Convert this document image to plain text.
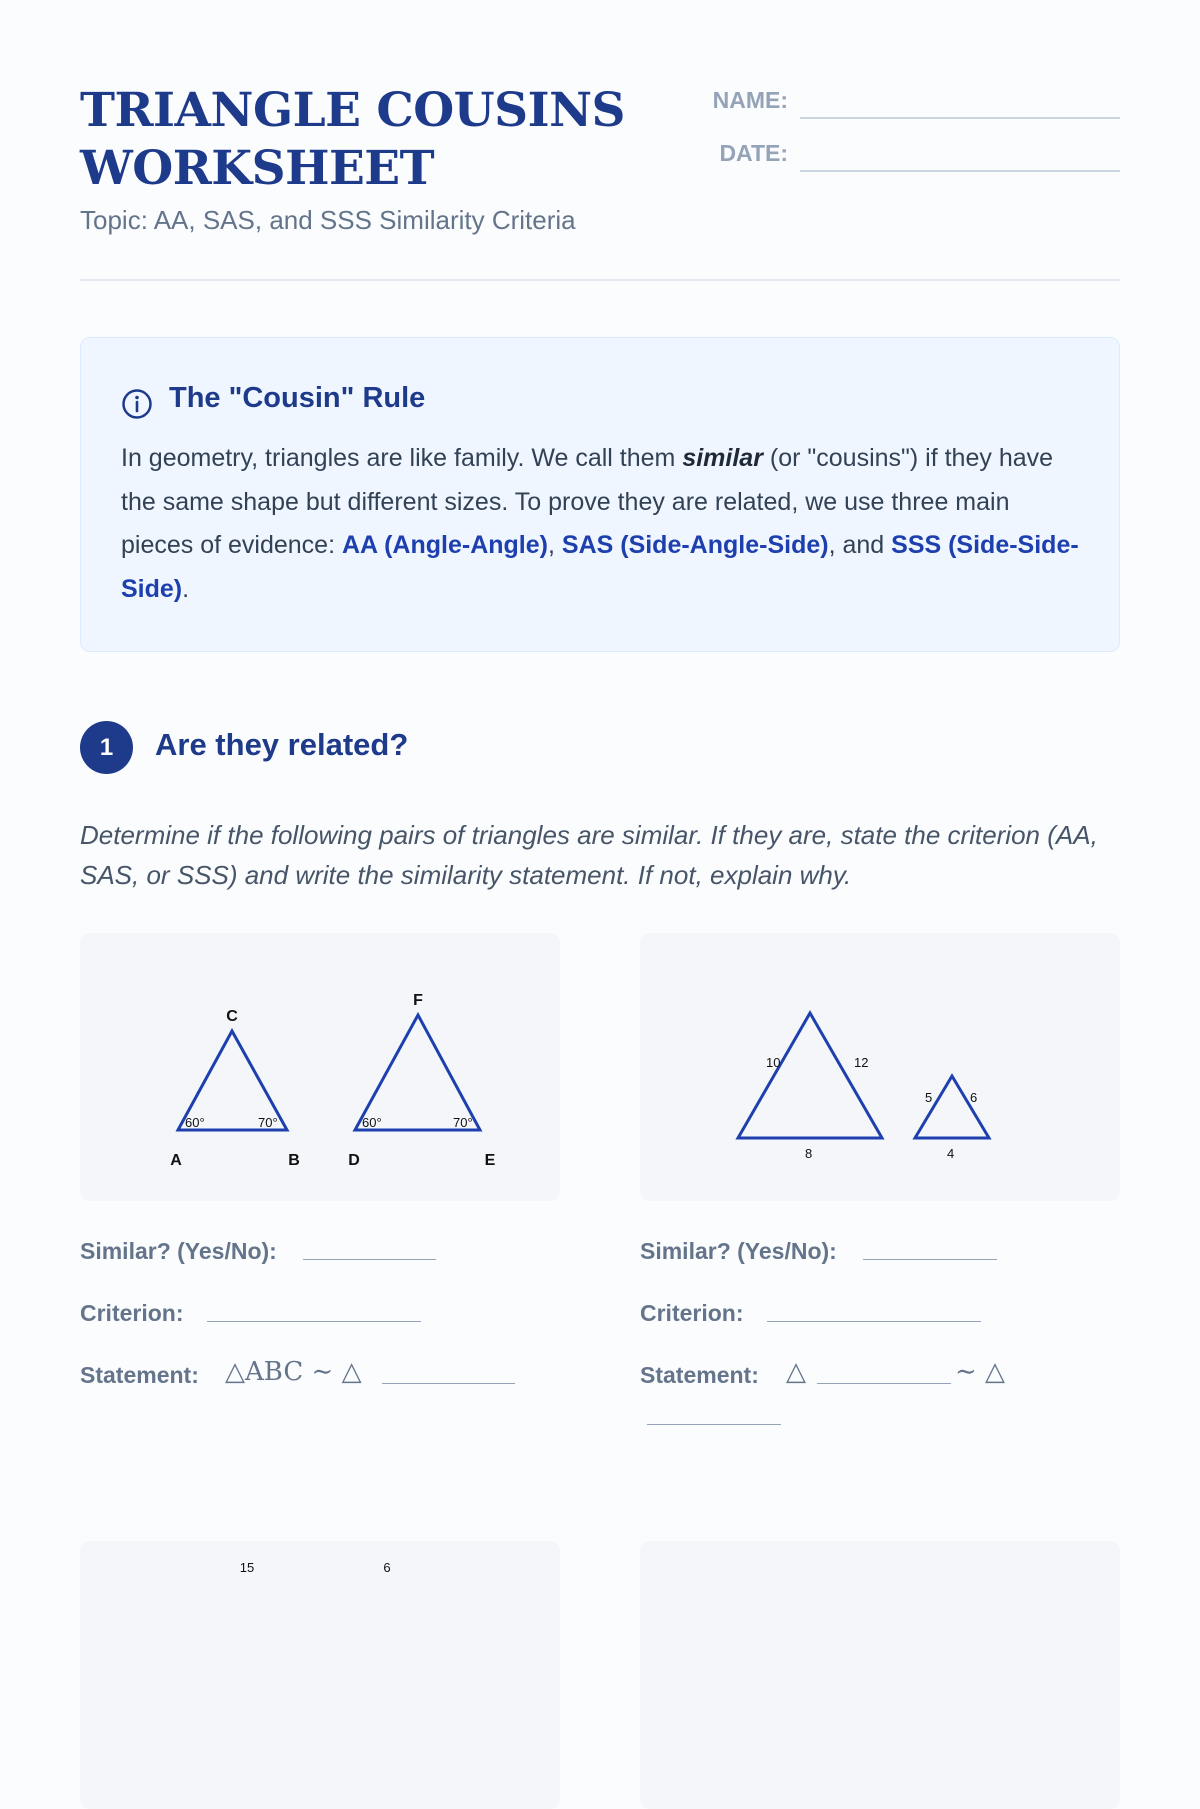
TRIANGLE COUSINS
WORKSHEET
Topic: AA, SAS, and SSS Similarity Criteria
NAME:
DATE:
The "Cousin" Rule
In geometry, triangles are like family. We call them similar (or "cousins") if they have the same shape but different sizes. To prove they are related, we use three main pieces of evidence: AA (Angle-Angle), SAS (Side-Angle-Side), and SSS (Side-Side-Side).
1	Are they related?
Determine if the following pairs of triangles are similar. If they are, state the criterion (AA, SAS, or SSS) and write the similarity statement. If not, explain why.
C
A	B
F
D	E
60°	70°	60°	70°
10	12
8
5	6
4
Similar? (Yes/No):
Criterion:
Statement: △ABC ∼ △
Similar? (Yes/No):
Criterion:
Statement: △	∼ △
15	6
